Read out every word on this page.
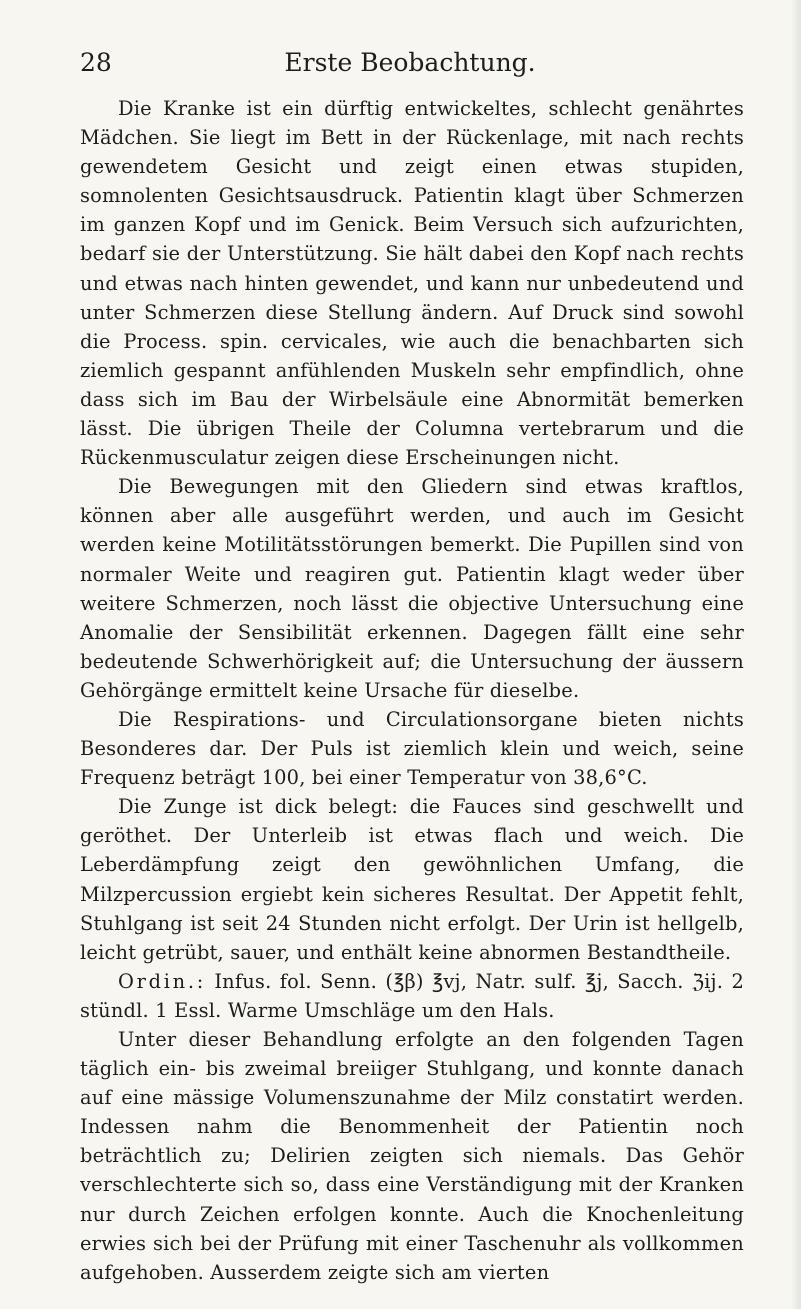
28	Erste Beobachtung.

Die Kranke ist ein dürftig entwickeltes, schlecht genährtes Mädchen. Sie liegt im Bett in der Rückenlage, mit nach rechts gewendetem Gesicht und zeigt einen etwas stupiden, somnolenten Gesichtsausdruck. Patientin klagt über Schmerzen im ganzen Kopf und im Genick. Beim Versuch sich aufzurichten, bedarf sie der Unterstützung. Sie hält dabei den Kopf nach rechts und etwas nach hinten gewendet, und kann nur unbedeutend und unter Schmerzen diese Stellung ändern. Auf Druck sind sowohl die Process. spin. cervicales, wie auch die benachbarten sich ziemlich gespannt anfühlenden Muskeln sehr empfindlich, ohne dass sich im Bau der Wirbelsäule eine Abnormität bemerken lässt. Die übrigen Theile der Columna vertebrarum und die Rückenmusculatur zeigen diese Erscheinungen nicht.

Die Bewegungen mit den Gliedern sind etwas kraftlos, können aber alle ausgeführt werden, und auch im Gesicht werden keine Motilitätsstörungen bemerkt. Die Pupillen sind von normaler Weite und reagiren gut. Patientin klagt weder über weitere Schmerzen, noch lässt die objective Untersuchung eine Anomalie der Sensibilität erkennen. Dagegen fällt eine sehr bedeutende Schwerhörigkeit auf; die Untersuchung der äussern Gehörgänge ermittelt keine Ursache für dieselbe.

Die Respirations- und Circulationsorgane bieten nichts Besonderes dar. Der Puls ist ziemlich klein und weich, seine Frequenz beträgt 100, bei einer Temperatur von 38,6°C.

Die Zunge ist dick belegt: die Fauces sind geschwellt und geröthet. Der Unterleib ist etwas flach und weich. Die Leberdämpfung zeigt den gewöhnlichen Umfang, die Milzpercussion ergiebt kein sicheres Resultat. Der Appetit fehlt, Stuhlgang ist seit 24 Stunden nicht erfolgt. Der Urin ist hellgelb, leicht getrübt, sauer, und enthält keine abnormen Bestandtheile.

Ordin.: Infus. fol. Senn. (℥β) ℥vj, Natr. sulf. ℥j, Sacch. ℨij. 2 stündl. 1 Essl. Warme Umschläge um den Hals.

Unter dieser Behandlung erfolgte an den folgenden Tagen täglich ein- bis zweimal breiiger Stuhlgang, und konnte danach auf eine mässige Volumenszunahme der Milz constatirt werden. Indessen nahm die Benommenheit der Patientin noch beträchtlich zu; Delirien zeigten sich niemals. Das Gehör verschlechterte sich so, dass eine Verständigung mit der Kranken nur durch Zeichen erfolgen konnte. Auch die Knochenleitung erwies sich bei der Prüfung mit einer Taschenuhr als vollkommen aufgehoben. Ausserdem zeigte sich am vierten
